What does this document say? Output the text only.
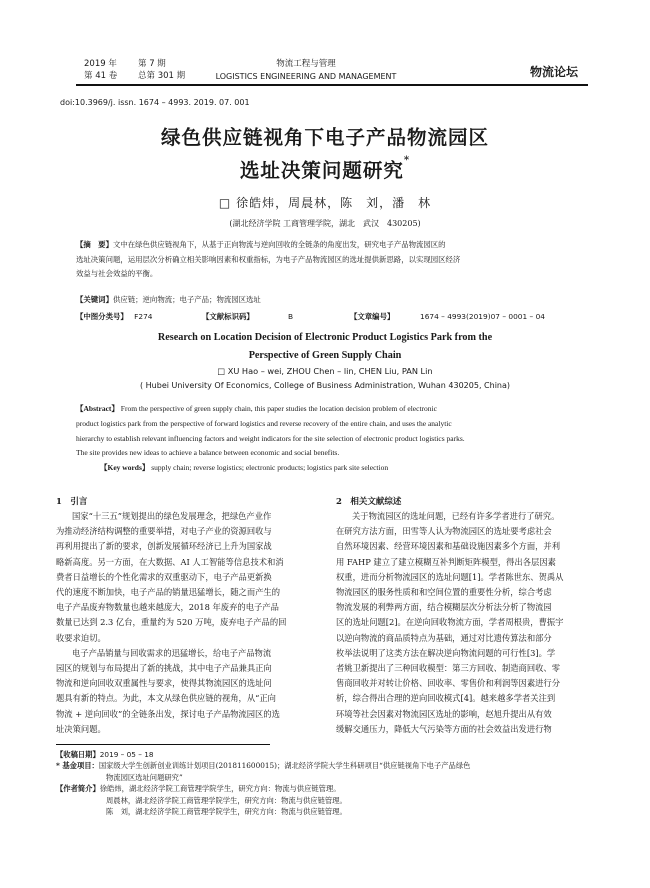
2019 年 第 7 期
第 41 卷 总第 301 期
物流工程与管理
LOGISTICS ENGINEERING AND MANAGEMENT	物流论坛
doi:10.3969/j. issn. 1674 – 4993. 2019. 07. 001
绿色供应链视角下电子产品物流园区
选址决策问题研究*
□ 徐皓炜，周晨林，陈　刘，潘　林
(湖北经济学院 工商管理学院，湖北　武汉　430205)
【摘　要】文中在绿色供应链视角下，从基于正向物流与逆向回收的全链条的角度出发，研究电子产品物流园区的
选址决策问题，运用层次分析确立相关影响因素和权重指标，为电子产品物流园区的选址提供新思路，以实现园区经济
效益与社会效益的平衡。
【关键词】供应链；逆向物流；电子产品；物流园区选址
【中图分类号】 F274	【文献标识码】	B	【文章编号】	1674 – 4993(2019)07 – 0001 – 04
Research on Location Decision of Electronic Product Logistics Park from the
Perspective of Green Supply Chain
□ XU Hao – wei, ZHOU Chen – lin, CHEN Liu, PAN Lin
( Hubei University Of Economics, College of Business Administration, Wuhan 430205, China)
【Abstract】 From the perspective of green supply chain, this paper studies the location decision problem of electronic
product logistics park from the perspective of forward logistics and reverse recovery of the entire chain, and uses the analytic
hierarchy to establish relevant influencing factors and weight indicators for the site selection of electronic product logistics parks.
The site provides new ideas to achieve a balance between economic and social benefits.
【Key words】 supply chain; reverse logistics; electronic products; logistics park site selection
1　引言
国家“十三五”规划提出的绿色发展理念，把绿色产业作
为推动经济结构调整的重要举措，对电子产业的资源回收与
再利用提出了新的要求，创新发展循环经济已上升为国家战
略新高度。另一方面，在大数据、AI 人工智能等信息技术和消
费者日益增长的个性化需求的双重驱动下，电子产品更新换
代的速度不断加快，电子产品的销量迅猛增长，随之而产生的
电子产品废弃物数量也越来越庞大，2018 年废弃的电子产品
数量已达到 2.3 亿台，重量约为 520 万吨，废弃电子产品的回
收要求迫切。
电子产品销量与回收需求的迅猛增长，给电子产品物流
园区的规划与布局提出了新的挑战，其中电子产品兼具正向
物流和逆向回收双重属性与要求，使得其物流园区的选址问
题具有新的特点。为此，本文从绿色供应链的视角，从“正向
物流 + 逆向回收”的全链条出发，探讨电子产品物流园区的选
址决策问题。
2　相关文献综述
关于物流园区的选址问题，已经有许多学者进行了研究。
在研究方法方面，田雪等人认为物流园区的选址要考虑社会
自然环境因素、经营环境因素和基础设施因素多个方面，并利
用 FAHP 建立了建立模糊互补判断矩阵模型，得出各层因素
权重，进而分析物流园区的选址问题[1]。学者陈世东、贺禹从
物流园区的服务性质和和空间位置的重要性分析，综合考虑
物流发展的利弊两方面，结合模糊层次分析法分析了物流园
区的选址问题[2]。在逆向回收物流方面，学者周根贵，曹振宇
以逆向物流的商品质特点为基础，通过对比遗传算法和部分
枚举法说明了这类方法在解决逆向物流问题的可行性[3]。学
者姚卫新提出了三种回收模型：第三方回收、制造商回收、零
售商回收并对转让价格、回收率、零售价和利润等因素进行分
析，综合得出合理的逆向回收模式[4]。越来越多学者关注到
环境等社会因素对物流园区选址的影响，赵旭升提出从有效
缓解交通压力，降低大气污染等方面的社会效益出发进行物
【收稿日期】2019 – 05 – 18
* 基金项目：国家级大学生创新创业训练计划项目(201811600015)；湖北经济学院大学生科研项目“供应链视角下电子产品绿色
物流园区选址问题研究”
【作者简介】徐皓炜，湖北经济学院工商管理学院学生，研究方向：物流与供应链管理。
周晨林，湖北经济学院工商管理学院学生，研究方向：物流与供应链管理。
陈　刘，湖北经济学院工商管理学院学生，研究方向：物流与供应链管理。
